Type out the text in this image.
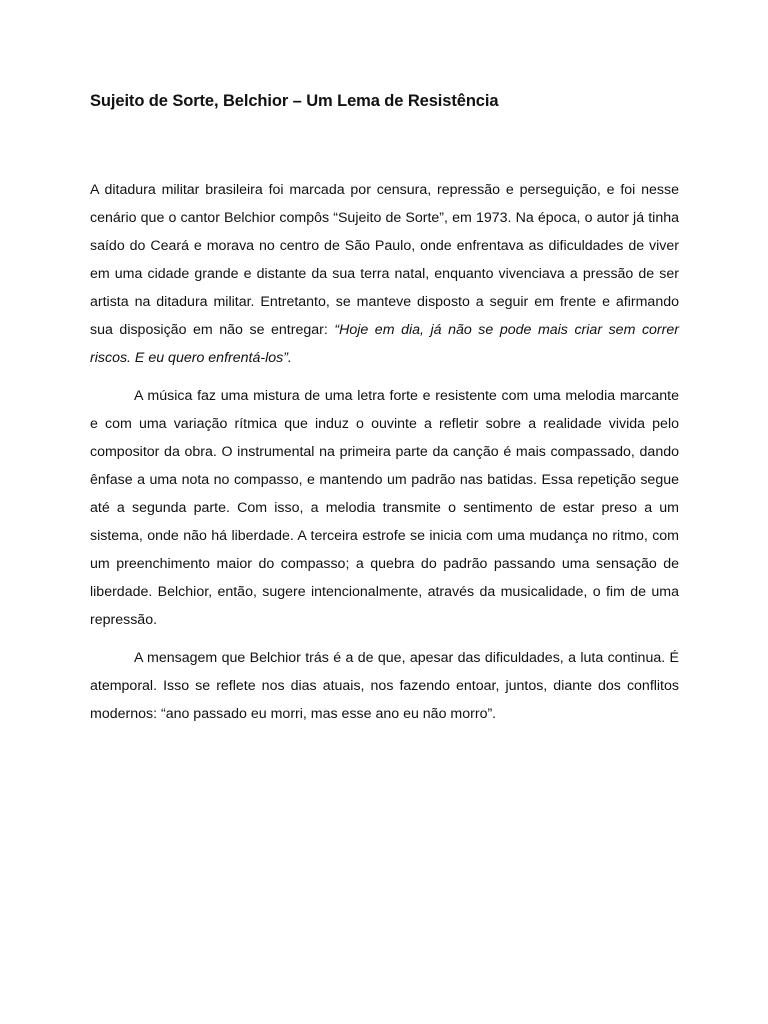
Sujeito de Sorte, Belchior – Um Lema de Resistência

A ditadura militar brasileira foi marcada por censura, repressão e perseguição, e foi nesse cenário que o cantor Belchior compôs “Sujeito de Sorte”, em 1973. Na época, o autor já tinha saído do Ceará e morava no centro de São Paulo, onde enfrentava as dificuldades de viver em uma cidade grande e distante da sua terra natal, enquanto vivenciava a pressão de ser artista na ditadura militar. Entretanto, se manteve disposto a seguir em frente e afirmando sua disposição em não se entregar: “Hoje em dia, já não se pode mais criar sem correr riscos. E eu quero enfrentá-los”.

A música faz uma mistura de uma letra forte e resistente com uma melodia marcante e com uma variação rítmica que induz o ouvinte a refletir sobre a realidade vivida pelo compositor da obra. O instrumental na primeira parte da canção é mais compassado, dando ênfase a uma nota no compasso, e mantendo um padrão nas batidas. Essa repetição segue até a segunda parte. Com isso, a melodia transmite o sentimento de estar preso a um sistema, onde não há liberdade. A terceira estrofe se inicia com uma mudança no ritmo, com um preenchimento maior do compasso; a quebra do padrão passando uma sensação de liberdade. Belchior, então, sugere intencionalmente, através da musicalidade, o fim de uma repressão.

A mensagem que Belchior trás é a de que, apesar das dificuldades, a luta continua. É atemporal. Isso se reflete nos dias atuais, nos fazendo entoar, juntos, diante dos conflitos modernos: “ano passado eu morri, mas esse ano eu não morro”.
